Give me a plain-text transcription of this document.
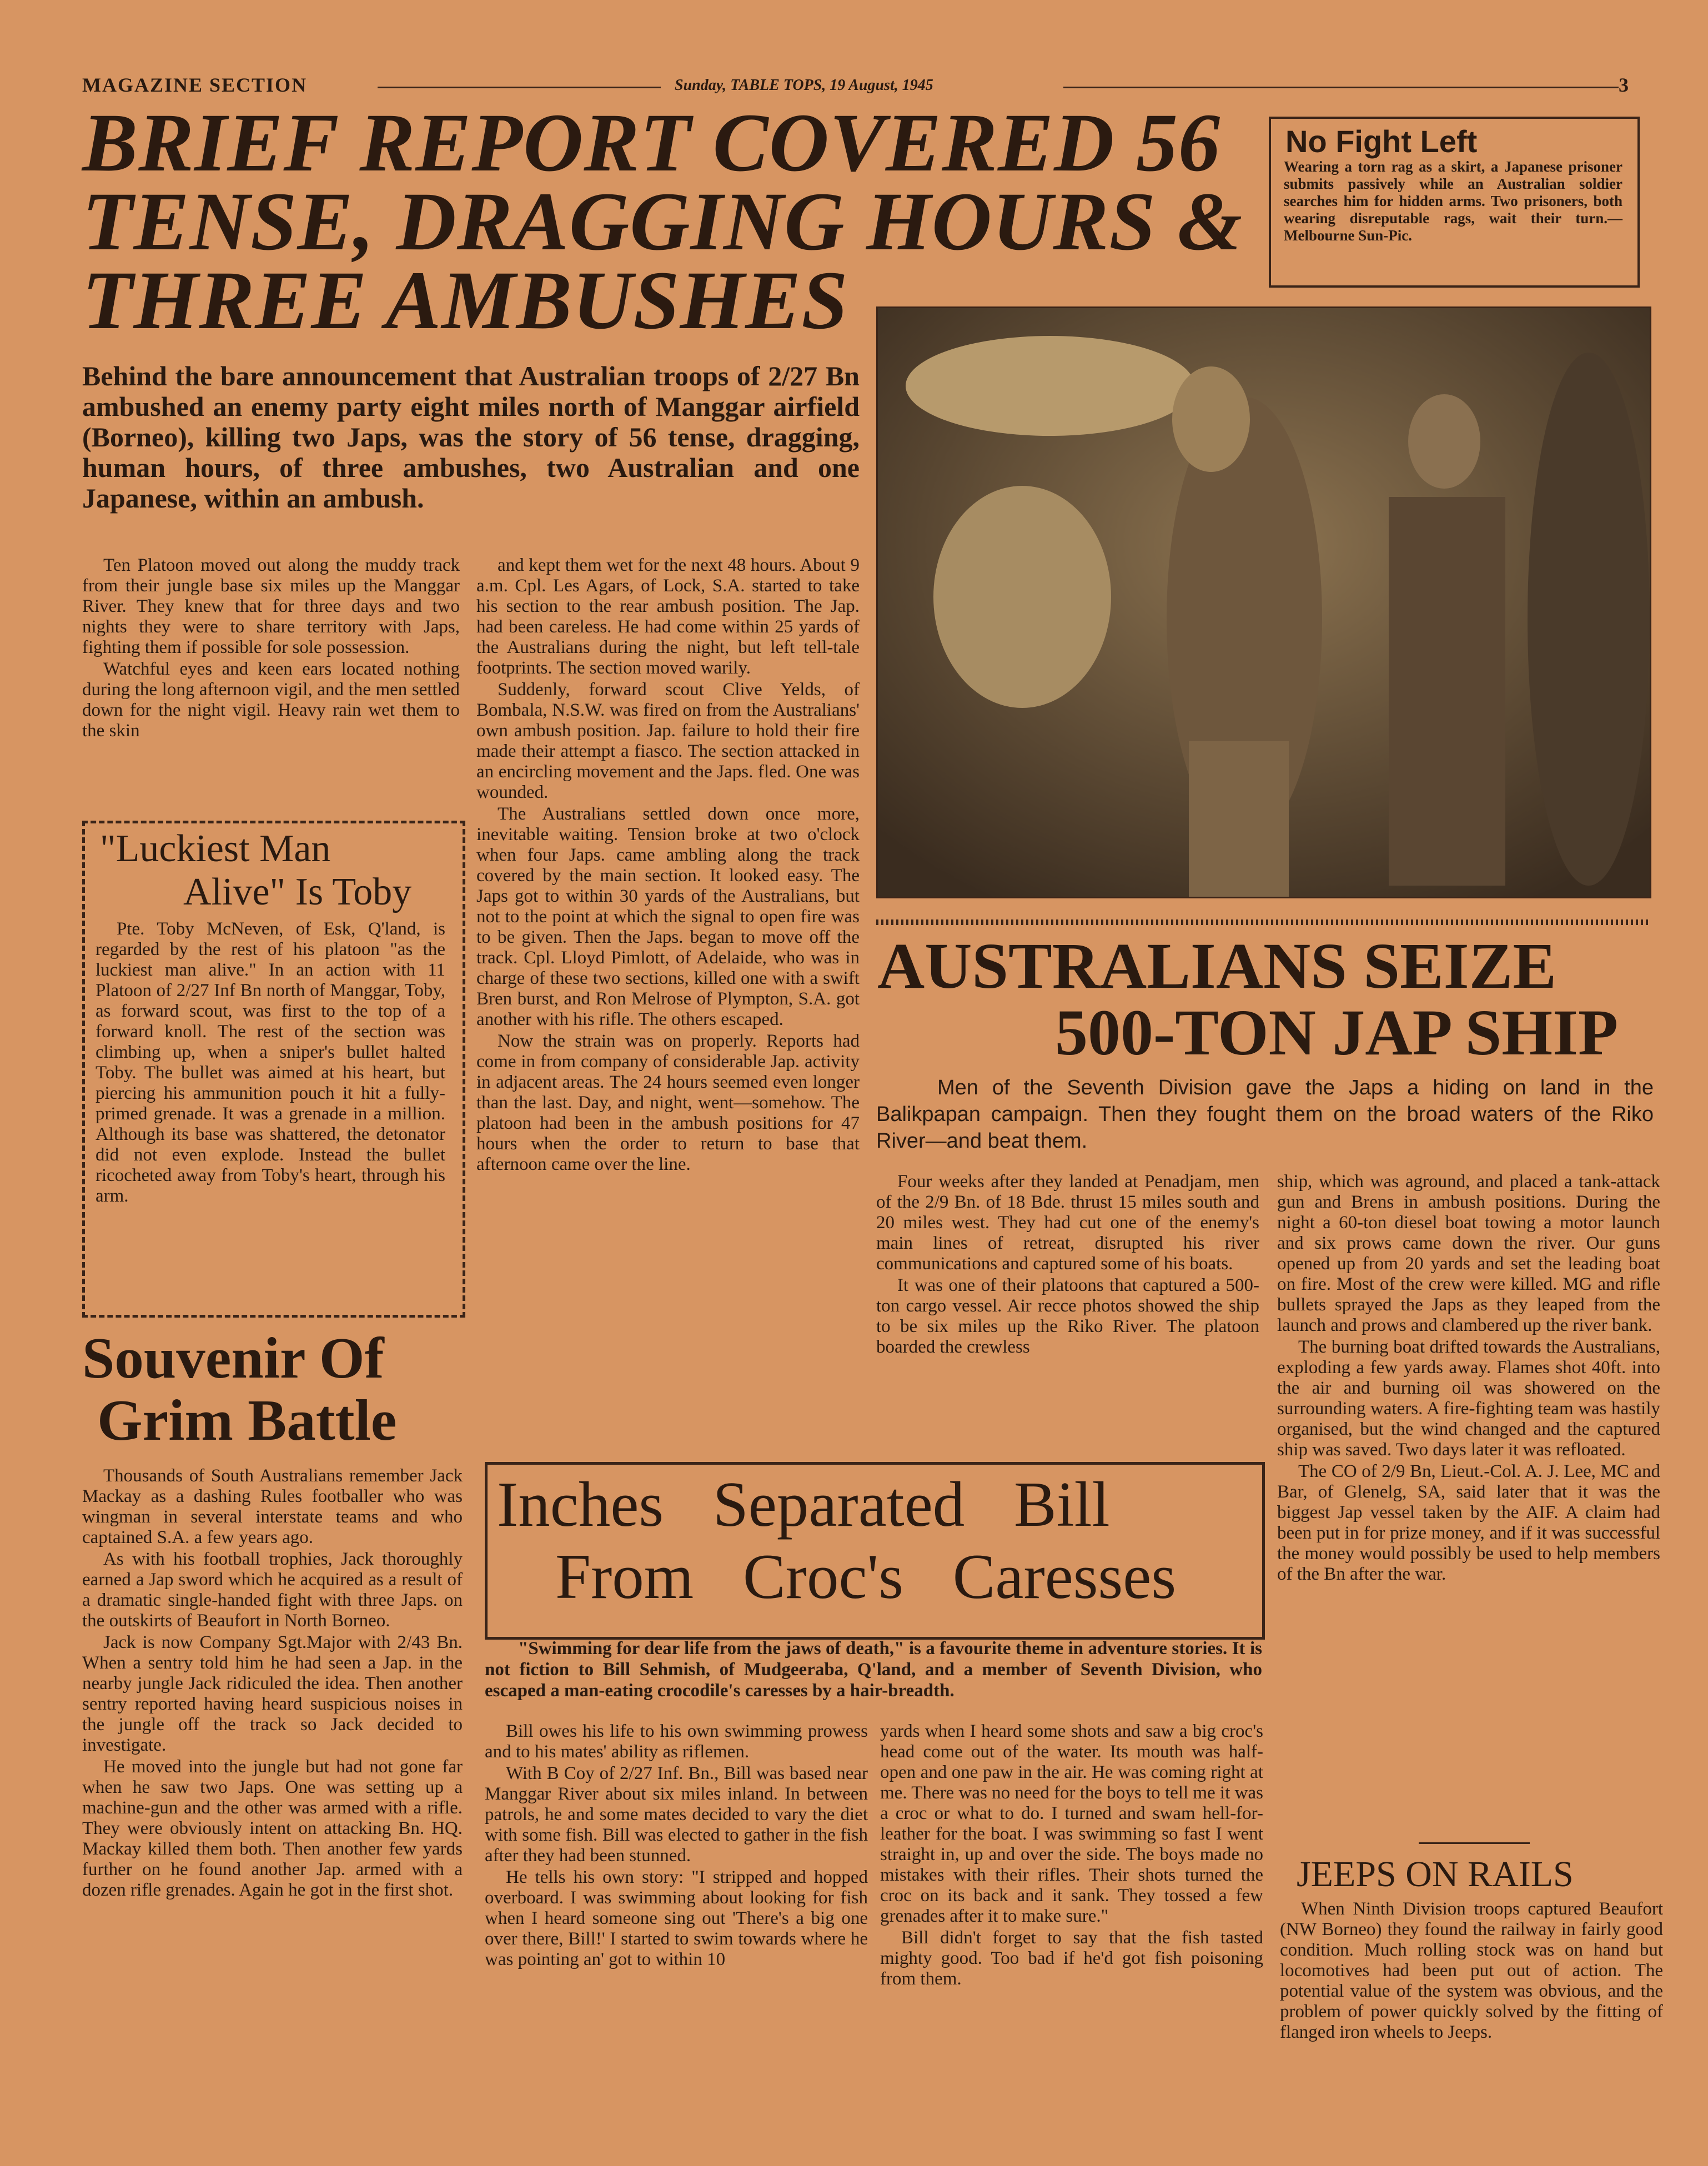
MAGAZINE SECTION	Sunday, TABLE TOPS, 19 August, 1945	3
BRIEF REPORT COVERED 56
TENSE, DRAGGING HOURS &
THREE AMBUSHES
Behind the bare announcement that Australian troops of 2/27 Bn ambushed an enemy party eight miles north of Manggar airfield (Borneo), killing two Japs, was the story of 56 tense, dragging, human hours, of three ambushes, two Australian and one Japanese, within an ambush.

Ten Platoon moved out along the muddy track from their jungle base six miles up the Manggar River. They knew that for three days and two nights they were to share territory with Japs, fighting them if possible for sole possession.

Watchful eyes and keen ears located nothing during the long afternoon vigil, and the men settled down for the night vigil. Heavy rain wet them to the skin

and kept them wet for the next 48 hours. About 9 a.m. Cpl. Les Agars, of Lock, S.A. started to take his section to the rear ambush position. The Jap. had been careless. He had come within 25 yards of the Australians during the night, but left tell-tale footprints. The section moved warily.

Suddenly, forward scout Clive Yelds, of Bombala, N.S.W. was fired on from the Australians' own ambush position. Jap. failure to hold their fire made their attempt a fiasco. The section attacked in an encircling movement and the Japs. fled. One was wounded.

The Australians settled down once more, inevitable waiting. Tension broke at two o'clock when four Japs. came ambling along the track covered by the main section. It looked easy. The Japs got to within 30 yards of the Australians, but not to the point at which the signal to open fire was to be given. Then the Japs. began to move off the track. Cpl. Lloyd Pimlott, of Adelaide, who was in charge of these two sections, killed one with a swift Bren burst, and Ron Melrose of Plympton, S.A. got another with his rifle. The others escaped.

Now the strain was on properly. Reports had come in from company of considerable Jap. activity in adjacent areas. The 24 hours seemed even longer than the last. Day, and night, went—somehow. The platoon had been in the ambush positions for 47 hours when the order to return to base that afternoon came over the line.

"Luckiest Man
Alive" Is Toby

Pte. Toby McNeven, of Esk, Q'land, is regarded by the rest of his platoon "as the luckiest man alive." In an action with 11 Platoon of 2/27 Inf Bn north of Manggar, Toby, as forward scout, was first to the top of a forward knoll. The rest of the section was climbing up, when a sniper's bullet halted Toby. The bullet was aimed at his heart, but piercing his ammunition pouch it hit a fully-primed grenade. It was a grenade in a million. Although its base was shattered, the detonator did not even explode. Instead the bullet ricocheted away from Toby's heart, through his arm.

Souvenir Of
Grim Battle

Thousands of South Australians remember Jack Mackay as a dashing Rules footballer who was wingman in several interstate teams and who captained S.A. a few years ago.

As with his football trophies, Jack thoroughly earned a Jap sword which he acquired as a result of a dramatic single-handed fight with three Japs. on the outskirts of Beaufort in North Borneo.

Jack is now Company Sgt.Major with 2/43 Bn. When a sentry told him he had seen a Jap. in the nearby jungle Jack ridiculed the idea. Then another sentry reported having heard suspicious noises in the jungle off the track so Jack decided to investigate.

He moved into the jungle but had not gone far when he saw two Japs. One was setting up a machine-gun and the other was armed with a rifle. They were obviously intent on attacking Bn. HQ. Mackay killed them both. Then another few yards further on he found another Jap. armed with a dozen rifle grenades. Again he got in the first shot.

No Fight Left
Wearing a torn rag as a skirt, a Japanese prisoner submits passively while an Australian soldier searches him for hidden arms. Two prisoners, both wearing disreputable rags, wait their turn.— Melbourne Sun-Pic.
AUSTRALIANS SEIZE
500-TON JAP SHIP
Men of the Seventh Division gave the Japs a hiding on land in the Balikpapan campaign. Then they fought them on the broad waters of the Riko River—and beat them.

Four weeks after they landed at Penadjam, men of the 2/9 Bn. of 18 Bde. thrust 15 miles south and 20 miles west. They had cut one of the enemy's main lines of retreat, disrupted his river communications and captured some of his boats.

It was one of their platoons that captured a 500-ton cargo vessel. Air recce photos showed the ship to be six miles up the Riko River. The platoon boarded the crewless

ship, which was aground, and placed a tank-attack gun and Brens in ambush positions. During the night a 60-ton diesel boat towing a motor launch and six prows came down the river. Our guns opened up from 20 yards and set the leading boat on fire. Most of the crew were killed. MG and rifle bullets sprayed the Japs as they leaped from the launch and prows and clambered up the river bank.

The burning boat drifted towards the Australians, exploding a few yards away. Flames shot 40ft. into the air and burning oil was showered on the surrounding waters. A fire-fighting team was hastily organised, but the wind changed and the captured ship was saved. Two days later it was refloated.

The CO of 2/9 Bn, Lieut.-Col. A. J. Lee, MC and Bar, of Glenelg, SA, said later that it was the biggest Jap vessel taken by the AIF. A claim had been put in for prize money, and if it was successful the money would possibly be used to help members of the Bn after the war.

Inches Separated Bill
From Croc's Caresses
"Swimming for dear life from the jaws of death," is a favourite theme in adventure stories. It is not fiction to Bill Sehmish, of Mudgeeraba, Q'land, and a member of Seventh Division, who escaped a man-eating crocodile's caresses by a hair-breadth.

Bill owes his life to his own swimming prowess and to his mates' ability as riflemen.

With B Coy of 2/27 Inf. Bn., Bill was based near Manggar River about six miles inland. In between patrols, he and some mates decided to vary the diet with some fish. Bill was elected to gather in the fish after they had been stunned.

He tells his own story: "I stripped and hopped overboard. I was swimming about looking for fish when I heard someone sing out 'There's a big one over there, Bill!' I started to swim towards where he was pointing an' got to within 10

yards when I heard some shots and saw a big croc's head come out of the water. Its mouth was half-open and one paw in the air. He was coming right at me. There was no need for the boys to tell me it was a croc or what to do. I turned and swam hell-for-leather for the boat. I was swimming so fast I went straight in, up and over the side. The boys made no mistakes with their rifles. Their shots turned the croc on its back and it sank. They tossed a few grenades after it to make sure."

Bill didn't forget to say that the fish tasted mighty good. Too bad if he'd got fish poisoning from them.

JEEPS ON RAILS

When Ninth Division troops captured Beaufort (NW Borneo) they found the railway in fairly good condition. Much rolling stock was on hand but locomotives had been put out of action. The potential value of the system was obvious, and the problem of power quickly solved by the fitting of flanged iron wheels to Jeeps.
